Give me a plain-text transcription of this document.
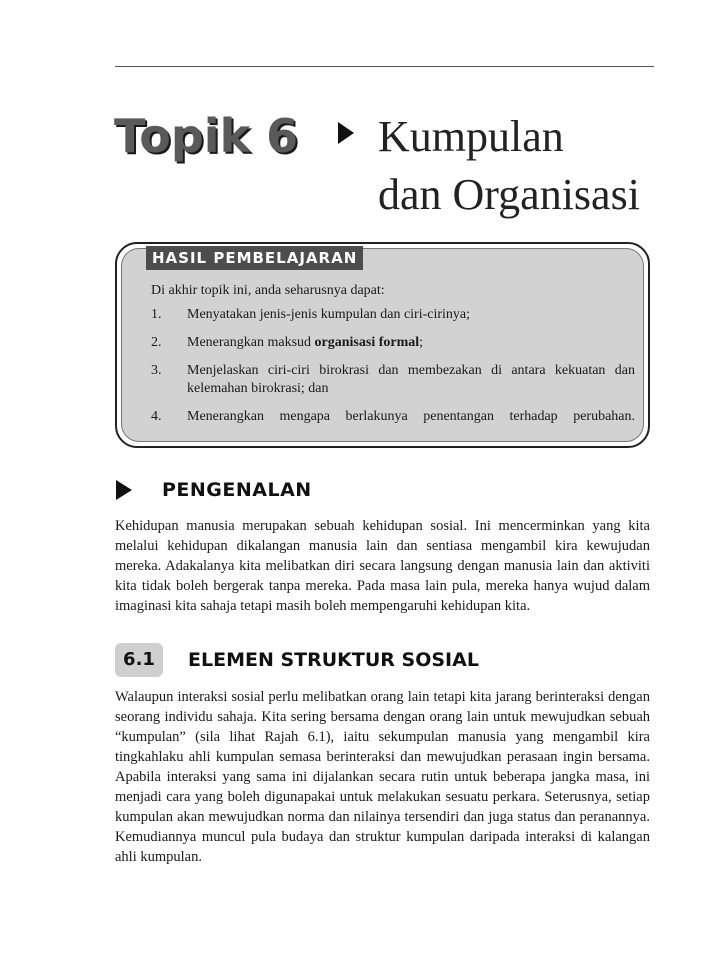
Topik 6 Kumpulan
dan Organisasi
HASIL PEMBELAJARAN
Di akhir topik ini, anda seharusnya dapat:
1. Menyatakan jenis-jenis kumpulan dan ciri-cirinya;
2. Menerangkan maksud organisasi formal;
3. Menjelaskan ciri-ciri birokrasi dan membezakan di antara kekuatan dan kelemahan birokrasi; dan
4. Menerangkan mengapa berlakunya penentangan terhadap perubahan.
PENGENALAN

Kehidupan manusia merupakan sebuah kehidupan sosial. Ini mencerminkan yang kita melalui kehidupan dikalangan manusia lain dan sentiasa mengambil kira kewujudan mereka. Adakalanya kita melibatkan diri secara langsung dengan manusia lain dan aktiviti kita tidak boleh bergerak tanpa mereka. Pada masa lain pula, mereka hanya wujud dalam imaginasi kita sahaja tetapi masih boleh mempengaruhi kehidupan kita.

6.1	ELEMEN STRUKTUR SOSIAL

Walaupun interaksi sosial perlu melibatkan orang lain tetapi kita jarang berinteraksi dengan seorang individu sahaja. Kita sering bersama dengan orang lain untuk mewujudkan sebuah “kumpulan” (sila lihat Rajah 6.1), iaitu sekumpulan manusia yang mengambil kira tingkahlaku ahli kumpulan semasa berinteraksi dan mewujudkan perasaan ingin bersama. Apabila interaksi yang sama ini dijalankan secara rutin untuk beberapa jangka masa, ini menjadi cara yang boleh digunapakai untuk melakukan sesuatu perkara. Seterusnya, setiap kumpulan akan mewujudkan norma dan nilainya tersendiri dan juga status dan peranannya. Kemudiannya muncul pula budaya dan struktur kumpulan daripada interaksi di kalangan ahli kumpulan.
